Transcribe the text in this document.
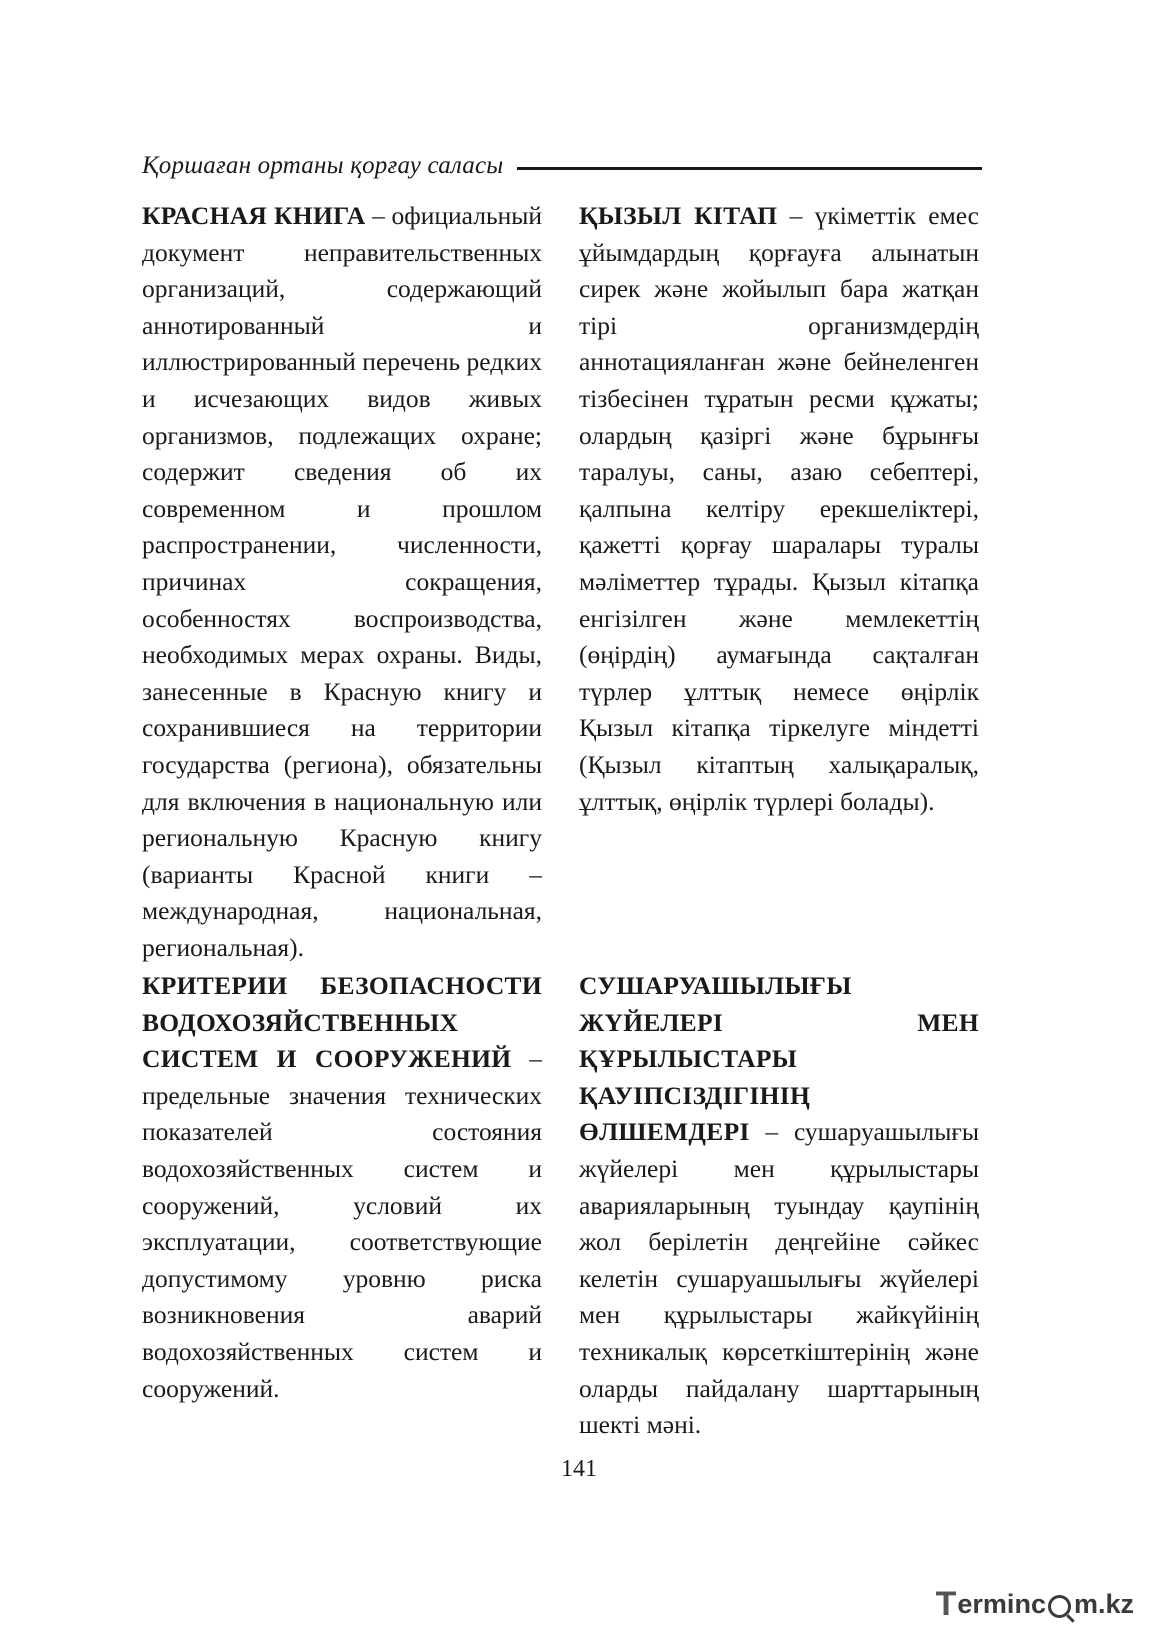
Қоршаған ортаны қорғау саласы
КРАСНАЯ КНИГА – официальный документ неправительственных организаций, содержающий аннотированный и иллюстрированный перечень редких и исчезающих видов живых организмов, подлежащих охране; содержит сведения об их современном и прошлом распространении, численности, причинах сокращения, особенностях воспроизводства, необходимых мерах охраны. Виды, занесенные в Красную книгу и сохранившиеся на территории государства (региона), обязательны для включения в национальную или региональную Красную книгу (варианты Красной книги – международная, национальная, региональная).
ҚЫЗЫЛ КІТАП – үкіметтік емес ұйымдардың қорғауға алынатын сирек және жойылып бара жатқан тірі организмдердің аннотацияланған және бейнеленген тізбесінен тұратын ресми құжаты; олардың қазіргі және бұрынғы таралуы, саны, азаю себептері, қалпына келтіру ерекшеліктері, қажетті қорғау шаралары туралы мәліметтер тұрады. Қызыл кітапқа енгізілген және мемлекеттің (өңірдің) аумағында сақталған түрлер ұлттық немесе өңірлік Қызыл кітапқа тіркелуге міндетті (Қызыл кітаптың халықаралық, ұлттық, өңірлік түрлері болады).
КРИТЕРИИ БЕЗОПАСНОСТИ ВОДОХОЗЯЙСТВЕННЫХ СИСТЕМ И СООРУЖЕНИЙ – предельные значения технических показателей состояния водохозяйственных систем и сооружений, условий их эксплуатации, соответствующие допустимому уровню риска возникновения аварий водохозяйственных систем и сооружений.
СУШАРУАШЫЛЫҒЫ ЖҮЙЕЛЕРІ МЕН ҚҰРЫЛЫСТАРЫ ҚАУІПСІЗДІГІНІҢ ӨЛШЕМДЕРІ – сушаруашылығы жүйелері мен құрылыстары аварияларының туындау қаупінің жол берілетін деңгейіне сәйкес келетін сушаруашылығы жүйелері мен құрылыстары жайкүйінің техникалық көрсеткіштерінің және оларды пайдалану шарттарының шекті мәні.
141
T ermin c m.kz
